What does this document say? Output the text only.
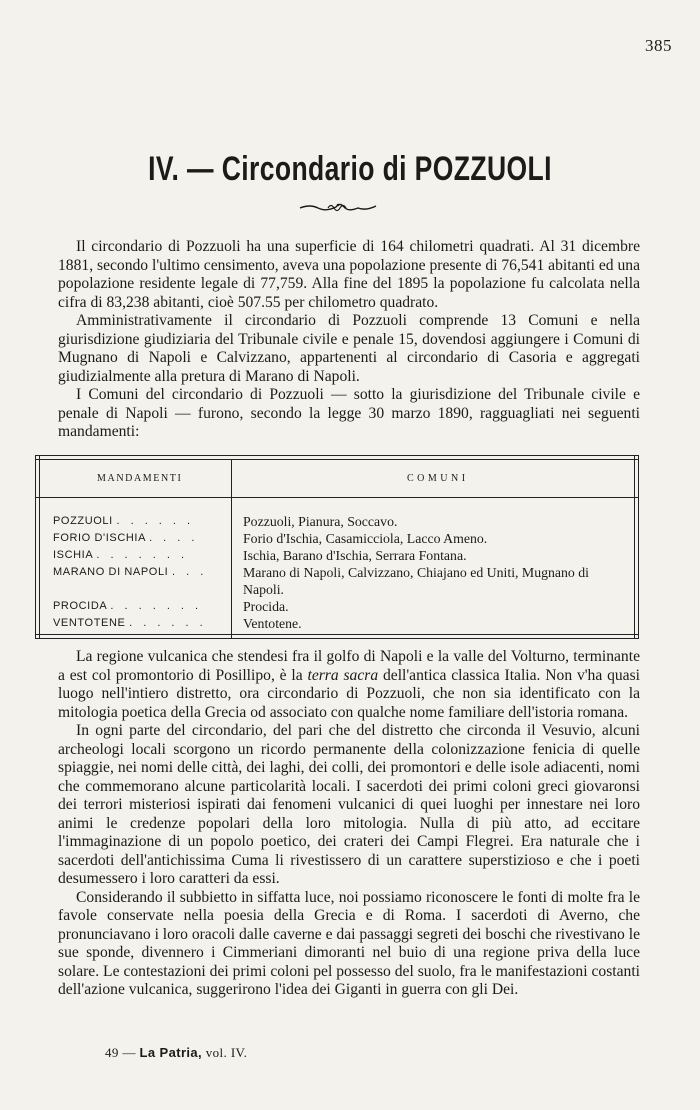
385
IV. — Circondario di POZZUOLI

Il circondario di Pozzuoli ha una superficie di 164 chilometri quadrati. Al 31 dicembre 1881, secondo l'ultimo censimento, aveva una popolazione presente di 76,541 abitanti ed una popolazione residente legale di 77,759. Alla fine del 1895 la popolazione fu calcolata nella cifra di 83,238 abitanti, cioè 507.55 per chilometro quadrato.

Amministrativamente il circondario di Pozzuoli comprende 13 Comuni e nella giurisdizione giudiziaria del Tribunale civile e penale 15, dovendosi aggiungere i Comuni di Mugnano di Napoli e Calvizzano, appartenenti al circondario di Casoria e aggregati giudizialmente alla pretura di Marano di Napoli.

I Comuni del circondario di Pozzuoli — sotto la giurisdizione del Tribunale civile e penale di Napoli — furono, secondo la legge 30 marzo 1890, ragguagliati nei seguenti mandamenti:

MANDAMENTI	COMUNI
POZZUOLI . . . . . .	Pozzuoli, Pianura, Soccavo.
FORIO D'ISCHIA . . . .	Forio d'Ischia, Casamicciola, Lacco Ameno.
ISCHIA . . . . . . .	Ischia, Barano d'Ischia, Serrara Fontana.
MARANO DI NAPOLI . . .	Marano di Napoli, Calvizzano, Chiajano ed Uniti, Mugnano di Napoli.
PROCIDA . . . . . . .	Procida.
VENTOTENE . . . . . .	Ventotene.

La regione vulcanica che stendesi fra il golfo di Napoli e la valle del Volturno, terminante a est col promontorio di Posillipo, è la terra sacra dell'antica classica Italia. Non v'ha quasi luogo nell'intiero distretto, ora circondario di Pozzuoli, che non sia identificato con la mitologia poetica della Grecia od associato con qualche nome familiare dell'istoria romana.

In ogni parte del circondario, del pari che del distretto che circonda il Vesuvio, alcuni archeologi locali scorgono un ricordo permanente della colonizzazione fenicia di quelle spiaggie, nei nomi delle città, dei laghi, dei colli, dei promontori e delle isole adiacenti, nomi che commemorano alcune particolarità locali. I sacerdoti dei primi coloni greci giovaronsi dei terrori misteriosi ispirati dai fenomeni vulcanici di quei luoghi per innestare nei loro animi le credenze popolari della loro mitologia. Nulla di più atto, ad eccitare l'immaginazione di un popolo poetico, dei crateri dei Campi Flegrei. Era naturale che i sacerdoti dell'antichissima Cuma li rivestissero di un carattere superstizioso e che i poeti desumessero i loro caratteri da essi.

Considerando il subbietto in siffatta luce, noi possiamo riconoscere le fonti di molte fra le favole conservate nella poesia della Grecia e di Roma. I sacerdoti di Averno, che pronunciavano i loro oracoli dalle caverne e dai passaggi segreti dei boschi che rivestivano le sue sponde, divennero i Cimmeriani dimoranti nel buio di una regione priva della luce solare. Le contestazioni dei primi coloni pel possesso del suolo, fra le manifestazioni costanti dell'azione vulcanica, suggerirono l'idea dei Giganti in guerra con gli Dei.

49 — La Patria, vol. IV.
